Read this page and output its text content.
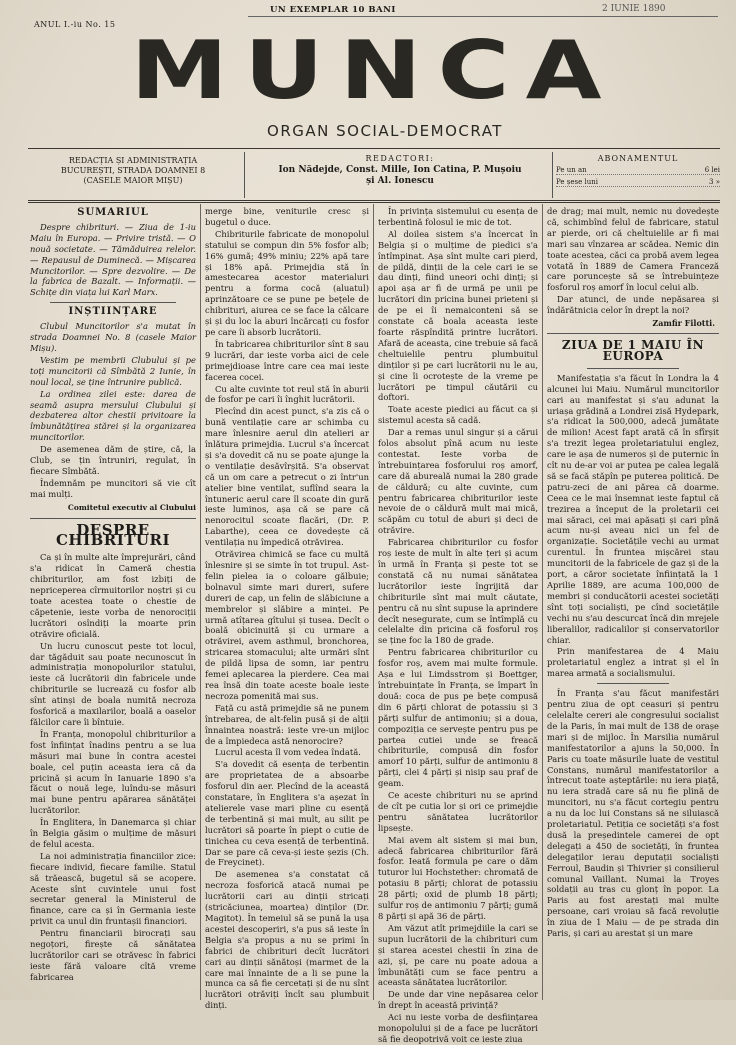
ANUL I.-iu No. 15
UN EXEMPLAR 10 BANI	2 IUNIE 1890
MUNCA
ORGAN SOCIAL-DEMOCRAT
REDACȚIA ȘI ADMINISTRAȚIA
BUCUREȘTI, STRADA DOAMNEI 8
(CASELE MAIOR MIȘU)
REDACTORI:
Ion Nădejde, Const. Mille, Ion Catina, P. Mușoiu
și Al. Ionescu
ABONAMENTUL
Pe un an	6 lei
Pe șese luni	3 »
SUMARIUL

Despre chibrituri. — Ziua de 1-iu Maiu în Europa. — Privire tristă. — O nouă societate. — Tămăduirea relelor. — Repausul de Duminecă. — Mișcarea Muncitorilor. — Spre dezvolire. — De la fabrica de Bazalt. — Informații. — Schițe din viața lui Karl Marx.

INȘTIINȚARE

Clubul Muncitorilor s'a mutat în strada Doamnei No. 8 (casele Maior Mișu).

Vestim pe membrii Clubului și pe toți muncitorii că Sîmbătă 2 Iunie, în noul local, se ține întrunire publică.

La ordinea zilei este: darea de seamă asupra mersului Clubului și dezbaterea altor chestii privitoare la îmbunătățirea stărei și la organizarea muncitorilor.

De asemenea dăm de știre, că, la Club, se țin întruniri, regulat, în fiecare Sîmbătă.

Îndemnăm pe muncitori să vie cît mai mulți.

Comitetul executiv al Clubului
DESPRE CHIBRITURI

Ca și în multe alte împrejurări, când s'a ridicat în Cameră chestia chibriturilor, am fost izbiți de nepriceperea cîrmuitorilor noștri și cu toate acestea toate o chestie de căpetenie, ieste vorba de nenorociții lucrători osîndiți la moarte prin otrăvire oficială.

Un lucru cunoscut peste tot locul, dar tăgăduit sau poate necunoscut în administrația monopolurilor statului, ieste că lucrătorii din fabricele unde chibriturile se lucrează cu fosfor alb sînt atinși de boala numită necroza fosforică a maxilarilor, boală a oaselor fălcilor care îi bîntuie.

În Franța, monopolul chibriturilor a fost înființat înadins pentru a se lua măsuri mai bune în contra acestei boale, cel puțin aceasta iera că da pricină și acum în Ianuarie 1890 s'a făcut o nouă lege, luîndu-se măsuri mai bune pentru apărarea sănătăței lucrătorilor.

În Englitera, în Danemarca și chiar în Belgia găsim o mulțime de măsuri de felul acesta.

La noi administrația financiilor zice: fiecare individ, fiecare familie. Statul să trăească, bugetul să se acopere. Aceste sînt cuvintele unui fost secretar general la Ministerul de finance, care ca și în Germania ieste privit ca unul din fruntașii financiori.

Pentru financiarii birocrați sau negoțori, firește că sănătatea lucrătorilor cari se otrăvesc în fabrici ieste fără valoare cîtă vreme fabricarea

merge bine, veniturile cresc și bugetul o duce.

Chibriturile fabricate de monopolul statului se compun din 5% fosfor alb; 16% gumă; 49% miniu; 22% apă tare și 18% apă. Primejdia stă în amestecarea acestor materialuri pentru a forma cocă (aluatul) aprinzătoare ce se pune pe bețele de chibrituri, aiurea ce se face la călcare și și du loc la aburi încărcați cu fosfor pe care îi absorb lucrătorii.

În tabricarea chibriturilor sînt 8 sau 9 lucrări, dar ieste vorba aici de cele primejdioase între care cea mai ieste facerea cocei.

Cu alte cuvinte tot reul stă în aburii de fosfor pe cari îi înghit lucrătorii.

Plecînd din acest punct, s'a zis că o bună ventilație care ar schimba cu mare înlesnire aerul din atelieri ar înlătura primejdia. Lucrul s'a încercat și s'a dovedit că nu se poate ajunge la o ventilație desăvîrșită. S'a observat că un om care a petrecut o zi într'un atelier bine ventilat, suflînd seara la întuneric aerul care îl scoate din gură ieste luminos, așa că se pare că nenorocitul scoate flacări, (Dr. P. Labarthe), ceea ce dovedește că ventilația nu împedică otrăvirea.

Otrăvirea chimică se face cu multă înlesnire și se simte în tot trupul. Ast-felin pielea ia o coloare gălbuie; bolnavul simte mari dureri, sufere dureri de cap, un felin de slăbiciune a membrelor și slăbire a minței. Pe urmă atîțarea gîtului și tusea. Decît o boală obicinuită și cu urmare a otrăvirei, avem asthmul, bronchorea, stricarea stomacului; alte urmări sînt de pildă lipsa de somn, iar pentru femei aplecarea la pierdere. Cea mai rea însă din toate aceste boale ieste necroza pomenită mai sus.

Față cu astă primejdie să ne punem întrebarea, de alt-felin pusă și de alții înnaintea noastră: ieste vre-un mijloc de a împiedeca astă nenorocire?

Lucrul acesta îl vom vedea îndată.

S'a dovedit că esența de terbentin are proprietatea de a absoarbe fosforul din aer. Plecînd de la această constatare, în Englitera s'a așezat în atelierele vase mari pline cu esență de terbentină și mai mult, au silit pe lucrători să poarte în piept o cutie de tinichea cu ceva esență de terbentină. Dar se pare că ceva-și ieste șezis (Ch. de Freycinet).

De asemenea s'a constatat că necroza fosforică atacă numai pe lucrătorii cari au dinții stricați (stricăciunea, moartea) dinților (Dr. Magitot). În temeiul să se pună la ușa acestei descoperiri, s'a pus să ieste în Belgia s'a propus a nu se primi în fabrici de chibrituri decît lucrători cari au dinții sănătoși (marmet de la care mai înnainte de a li se pune la munca ca să fie cercetați și de nu sînt lucrători otrăviți încît sau plumbuit dinți.

În privința sistemului cu esența de terbentină folosul ie mic de tot.

Al doilea sistem s'a încercat în Belgia și o mulțime de piedici s'a întîmpinat. Așa sînt multe cari pierd, de pildă, dinții de la cele cari ie se dau dinți, fiind uneori ochi dinți; și apoi așa ar fi de urmă pe unii pe lucrători din pricina bunei prieteni și de pe ei îi nemaiconteni să se constate că boala aceasta ieste foarte răspîndită printre lucrători. Afară de aceasta, cine trebuie să facă cheltuielile pentru plumbuitul dinților și pe cari lucrătorii nu le au, și cine îi ocrotește de la vreme pe lucrători pe timpul căutării cu doftori.

Toate aceste piedici au făcut ca și sistemul acesta să cadă.

Dar a remas unul singur și a cărui folos absolut pînă acum nu ieste contestat. Ieste vorba de întrebuințarea fosforului roș amorf, care dă abureală numai la 280 grade de căldură; cu alte cuvinte, cum pentru fabricarea chibriturilor ieste nevoie de o căldură mult mai mică, scăpăm cu totul de aburi și deci de otrăvire.

Fabricarea chibriturilor cu fosfor roș ieste de mult în alte țeri și acum în urmă în Franța și peste tot se constată că nu numai sănătatea lucrătorilor ieste îngrijită dar chibriturile sînt mai mult căutate, pentru că nu sînt supuse la aprindere decît nesegurate, cum se întîmplă cu celelalte din pricina că fosforul roș se ține foc la 180 de grade.

Pentru fabricarea chibriturilor cu fosfor roș, avem mai multe formule. Așa e lui Limdsstrom și Boettger, întrebuințate în Franța, se împart în două: coca de pus pe bețe compusă din 6 părți chlorat de potassiu și 3 părți sulfur de antimoniu; și a doua, compoziția ce servește pentru pus pe partea cutiei unde se freacă chibriturile, compusă din fosfor amorf 10 părți, sulfur de antimoniu 8 părți, clei 4 părți și nisip sau praf de geam.

Ce aceste chibrituri nu se aprind de cît pe cutia lor și ori ce primejdie pentru sănătatea lucrătorilor lipsește.

Mai avem alt sistem și mai bun, adecă fabricarea chibriturilor fără fosfor. Ieată formula pe care o dăm tuturor lui Hochstether: chromată de potasiu 8 părți; chlorat de potassiu 28 părți; oxid de plumb 18 părți; sulfur roș de antimoniu 7 părți; gumă 8 părți și apă 36 de părți.

Am văzut atît primejdiile la cari se supun lucrătorii de la chibrituri cum și starea acestei chestii în zina de azi, și, pe care nu poate adoua a îmbunătăți cum se face pentru a aceasta sănătatea lucrătorilor.

De unde dar vine nepăsarea celor în drept în această privință?

Aci nu ieste vorba de desființarea monopolului și de a face pe lucrători să fie deopotrivă voit ce ieste ziua

de drag; mai mult, nemic nu dovedește că, schimbînd felul de fabricare, statul ar pierde, ori că cheltuielile ar fi mai mari sau vînzarea ar scădea. Nemic din toate acestea, căci ca probă avem legea votată în 1889 de Camera Franceză care poruncește să se întrebuințeze fosforul roș amorf în locul celui alb.

Dar atunci, de unde nepăsarea și îndărătnicia celor în drept la noi?

Zamfir Filotti.
ZIUA DE 1 MAIU ÎN EUROPA

Manifestația s'a făcut în Londra la 4 alcunei lui Maiu. Numărul muncitorilor cari au manifestat și s'au adunat la uriașa grădină a Londrei zisă Hydepark, s'a ridicat la 500,000, adecă jumătate de milion! Acest fapt arată că în sfîrșit s'a trezit legea proletariatului englez, care ie așa de numeros și de puternic în cît nu de-ar voi ar putea pe calea legală să se facă stăpîn pe puterea politică. De patru-zeci de ani părea că doarme. Ceea ce le mai însemnat ieste faptul că trezirea a început de la proletarii cei mai săraci, cei mai apăsați și cari pînă acum nu-și aveau nici un fel de organizație. Societățile vechi au urmat curentul. În fruntea mișcărei stau muncitorii de la fabricele de gaz și de la port, a căror societate înființată la 1 Aprilie 1889, are acuma 100,000 de membri și conducătorii acestei societăți sînt toți socialiști, pe cînd societățile vechi nu s'au descurcat încă din mrejele liberalilor, radicalilor și conservatorilor chiar.

Prin manifestarea de 4 Maiu proletariatul englez a intrat și el în marea armată a socialismului.

În Franța s'au făcut manifestări pentru ziua de opt ceasuri și pentru celelalte cereri ale congresului socialist de la Paris, în mai mult de 138 de orașe mari și de mijloc. În Marsilia numărul manifestatorilor a ajuns la 50,000. În Paris cu toate măsurile luate de vestitul Constans, numărul manifestatorilor a întrecut toate așteptările: nu iera piață, nu iera stradă care să nu fie plină de muncitori, nu s'a făcut cortegiu pentru a nu da loc lui Constans să ne siluiască proletariatul. Petiția ce societăți s'a fost dusă la președintele camerei de opt delegați a 450 de societăți, în fruntea delegaților ierau deputații socialiști Ferroul, Baudin și Thivrier și consilierul comunal Vaillant. Numai la Troyes soldații au tras cu glonț în popor. La Paris au fost arestați mai multe persoane, cari vroiau să facă revoluție în ziua de 1 Maiu — de pe strada din Paris, și cari au arestat și un mare
